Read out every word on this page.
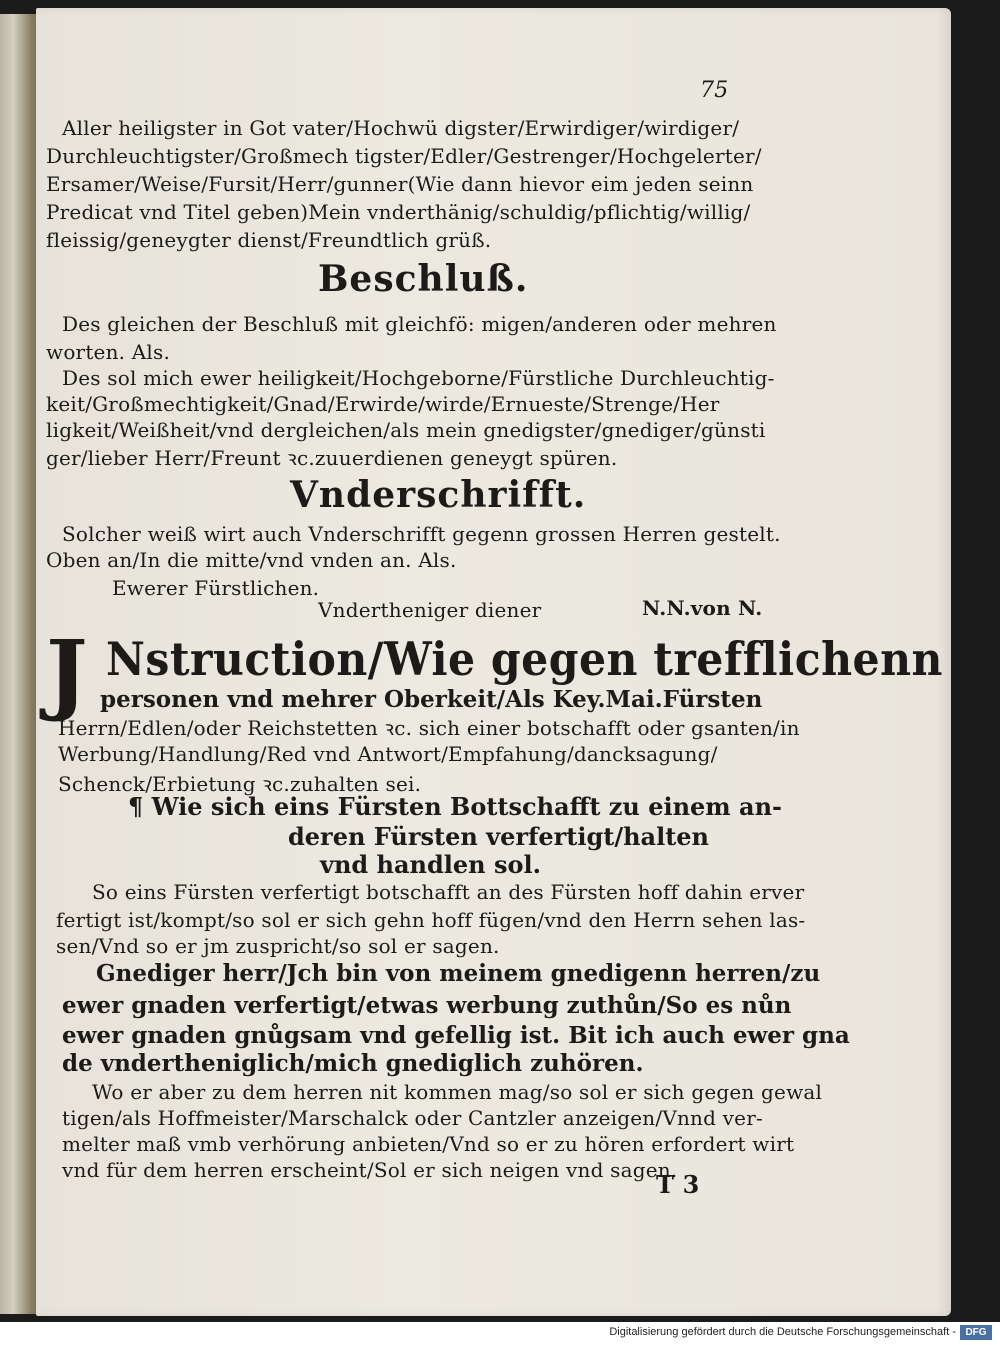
75
Aller heiligster in Got vater/Hochwü digster/Erwirdiger/wirdiger/
Durchleuchtigster/Großmech tigster/Edler/Gestrenger/Hochgelerter/
Ersamer/Weise/Fursit/Herr/gunner(Wie dann hievor eim jeden seinn
Predicat vnd Titel geben)Mein vnderthänig/schuldig/pflichtig/willig/
fleissig/geneygter dienst/Freundtlich grüß.
Beschluß.
Des gleichen der Beschluß mit gleichfö: migen/anderen oder mehren
worten. Als.
Des sol mich ewer heiligkeit/Hochgeborne/Fürstliche Durchleuchtig-
keit/Großmechtigkeit/Gnad/Erwirde/wirde/Ernueste/Strenge/Her
ligkeit/Weißheit/vnd dergleichen/als mein gnedigster/gnediger/günsti
ger/lieber Herr/Freunt ꝛc.zuuerdienen geneygt spüren.
Vnderschrifft.
Solcher weiß wirt auch Vnderschrifft gegenn grossen Herren gestelt.
Oben an/In die mitte/vnd vnden an. Als.
Ewerer Fürstlichen.
Vndertheniger diener	N.N.von N.
J Nstruction/Wie gegen trefflichenn
personen vnd mehrer Oberkeit/Als Key.Mai.Fürsten
Herrn/Edlen/oder Reichstetten ꝛc. sich einer botschafft oder gsanten/in
Werbung/Handlung/Red vnd Antwort/Empfahung/dancksagung/
Schenck/Erbietung ꝛc.zuhalten sei.
¶ Wie sich eins Fürsten Bottschafft zu einem an-
deren Fürsten verfertigt/halten
vnd handlen sol.
So eins Fürsten verfertigt botschafft an des Fürsten hoff dahin erver
fertigt ist/kompt/so sol er sich gehn hoff fügen/vnd den Herrn sehen las-
sen/Vnd so er jm zuspricht/so sol er sagen.
Gnediger herr/Jch bin von meinem gnedigenn herren/zu
ewer gnaden verfertigt/etwas werbung zuthůn/So es nůn
ewer gnaden gnůgsam vnd gefellig ist. Bit ich auch ewer gna
de vndertheniglich/mich gnediglich zuhören.
Wo er aber zu dem herren nit kommen mag/so sol er sich gegen gewal
tigen/als Hoffmeister/Marschalck oder Cantzler anzeigen/Vnnd ver-
melter maß vmb verhörung anbieten/Vnd so er zu hören erfordert wirt
vnd für dem herren erscheint/Sol er sich neigen vnd sagen.
T 3
Digitalisierung gefördert durch die Deutsche Forschungsgemeinschaft - DFG
